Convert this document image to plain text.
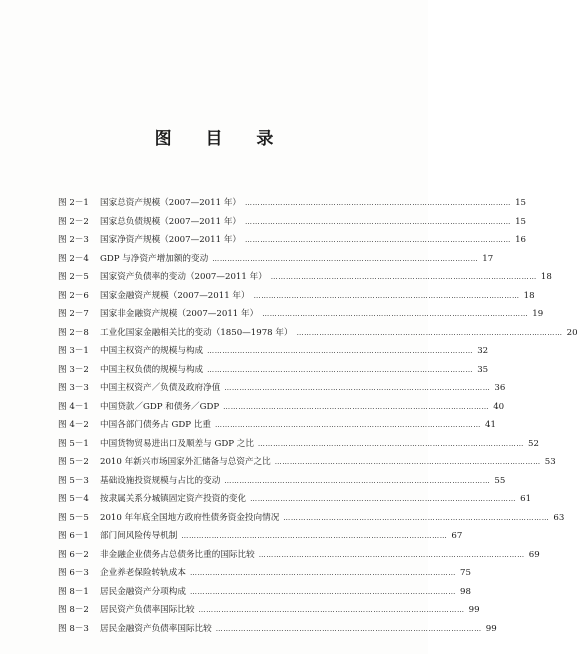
图 目 录
图 2－1	国家总资产规模（2007—2011 年） …………………………………………………………………………………………… 15
图 2－2	国家总负债规模（2007—2011 年） …………………………………………………………………………………………… 15
图 2－3	国家净资产规模（2007—2011 年） …………………………………………………………………………………………… 16
图 2－4	GDP 与净资产增加额的变动 …………………………………………………………………………………………… 17
图 2－5	国家资产负债率的变动（2007—2011 年） …………………………………………………………………………………………… 18
图 2－6	国家金融资产规模（2007—2011 年） …………………………………………………………………………………………… 18
图 2－7	国家非金融资产规模（2007—2011 年） …………………………………………………………………………………………… 19
图 2－8	工业化国家金融相关比的变动（1850—1978 年） …………………………………………………………………………………………… 20
图 3－1	中国主权资产的规模与构成 …………………………………………………………………………………………… 32
图 3－2	中国主权负债的规模与构成 …………………………………………………………………………………………… 35
图 3－3	中国主权资产／负债及政府净值 …………………………………………………………………………………………… 36
图 4－1	中国贷款／GDP 和债务／GDP …………………………………………………………………………………………… 40
图 4－2	中国各部门债务占 GDP 比重 …………………………………………………………………………………………… 41
图 5－1	中国货物贸易进出口及顺差与 GDP 之比 …………………………………………………………………………………………… 52
图 5－2	2010 年新兴市场国家外汇储备与总资产之比 …………………………………………………………………………………………… 53
图 5－3	基础设施投资规模与占比的变动 …………………………………………………………………………………………… 55
图 5－4	按隶属关系分城镇固定资产投资的变化 …………………………………………………………………………………………… 61
图 5－5	2010 年年底全国地方政府性债务资金投向情况 …………………………………………………………………………………………… 63
图 6－1	部门间风险传导机制 …………………………………………………………………………………………… 67
图 6－2	非金融企业债务占总债务比重的国际比较 …………………………………………………………………………………………… 69
图 6－3	企业养老保险转轨成本 …………………………………………………………………………………………… 75
图 8－1	居民金融资产分项构成 …………………………………………………………………………………………… 98
图 8－2	居民资产负债率国际比较 …………………………………………………………………………………………… 99
图 8－3	居民金融资产负债率国际比较 …………………………………………………………………………………………… 99
